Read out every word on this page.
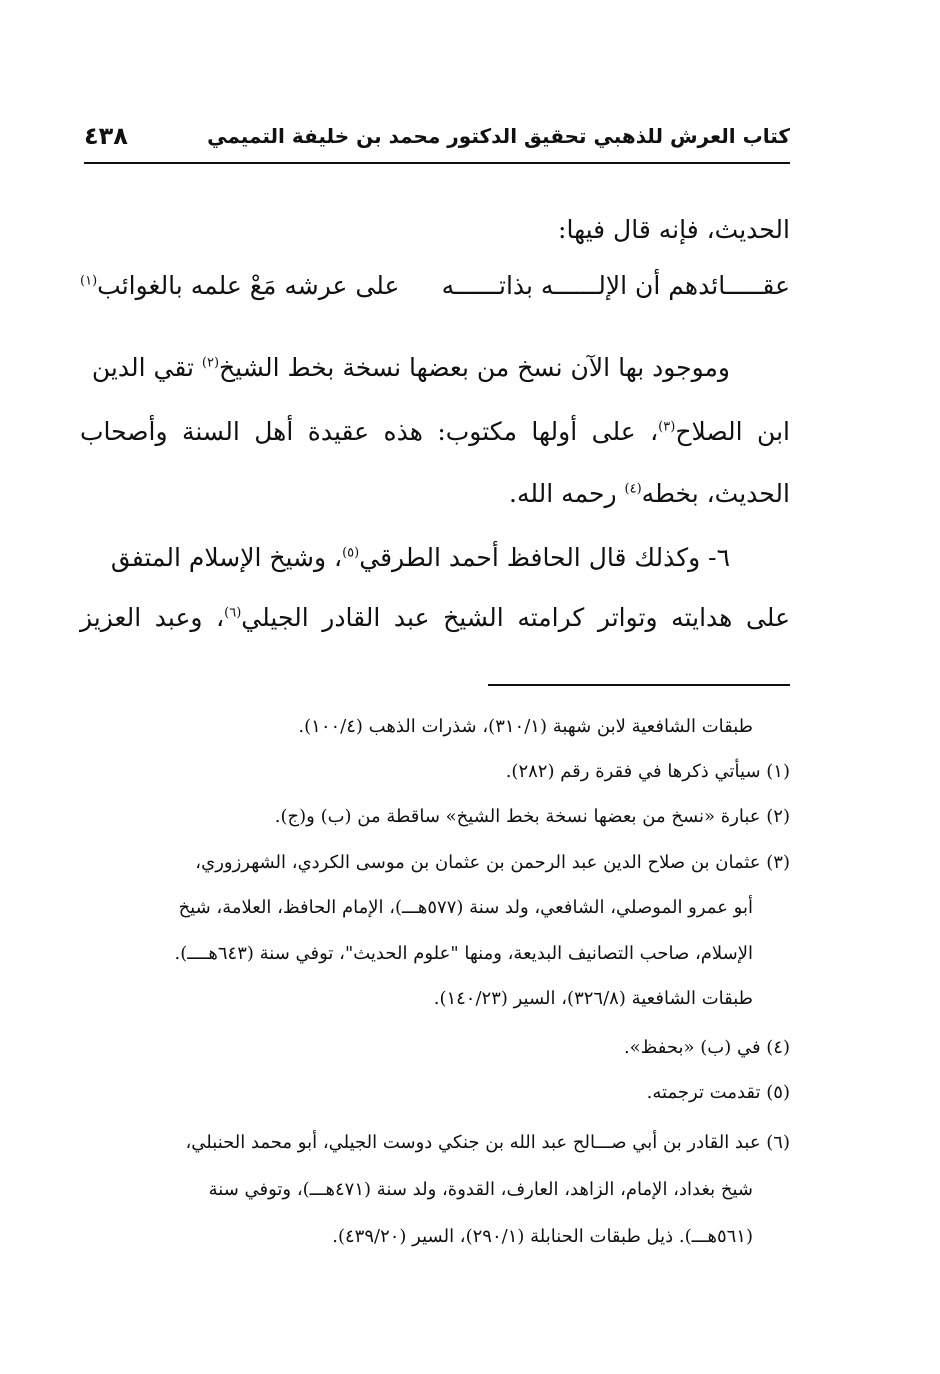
كتاب العرش للذهبي تحقيق الدكتور محمد بن خليفة التميمي
٤٣٨
الحديث، فإنه قال فيها:
عقـــــائدهم أن الإلــــــه بذاتــــــه
على عرشه مَعْ علمه بالغوائب$^{(١)}$
وموجود بها الآن نسخ من بعضها نسخة بخط الشيخ$^{(٢)}$ تقي الدين
ابن الصلاح$^{(٣)}$، على أولها مكتوب: هذه عقيدة أهل السنة وأصحاب
الحديث، بخطه$^{(٤)}$ رحمه الله.
٦- وكذلك قال الحافظ أحمد الطرقي$^{(٥)}$، وشيخ الإسلام المتفق
على هدايته وتواتر كرامته الشيخ عبد القادر الجيلي$^{(٦)}$، وعبد العزيز
طبقات الشافعية لابن شهبة (٣١٠/١)، شذرات الذهب (١٠٠/٤).
(١) سيأتي ذكرها في فقرة رقم (٢٨٢).
(٢) عبارة «نسخ من بعضها نسخة بخط الشيخ» ساقطة من (ب) و(ج).
(٣) عثمان بن صلاح الدين عبد الرحمن بن عثمان بن موسى الكردي، الشهرزوري،
أبو عمرو الموصلي، الشافعي، ولد سنة (٥٧٧هـــ)، الإمام الحافظ، العلامة، شيخ
الإسلام، صاحب التصانيف البديعة، ومنها "علوم الحديث"، توفي سنة (٦٤٣هــــ).
طبقات الشافعية (٣٢٦/٨)، السير (١٤٠/٢٣).
(٤) في (ب) «بحفظ».
(٥) تقدمت ترجمته.
(٦) عبد القادر بن أبي صـــالح عبد الله بن جنكي دوست الجيلي، أبو محمد الحنبلي،
شيخ بغداد، الإمام، الزاهد، العارف، القدوة، ولد سنة (٤٧١هـــ)، وتوفي سنة
(٥٦١هـــ). ذيل طبقات الحنابلة (٢٩٠/١)، السير (٤٣٩/٢٠).
